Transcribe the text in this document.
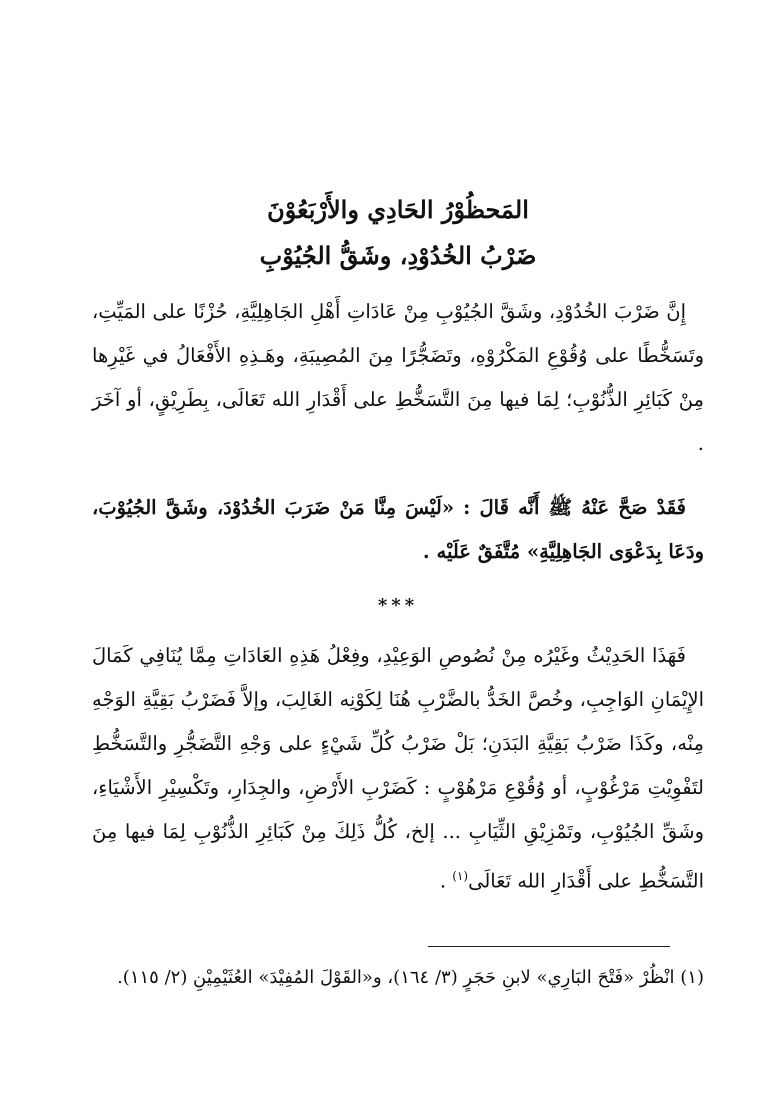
المَحظُوْرُ الحَادِي والأَرْبَعُوْنَ
ضَرْبُ الخُدُوْدِ، وشَقُّ الجُيُوْبِ

إِنَّ ضَرْبَ الخُدُوْدِ، وشَقَّ الجُيُوْبِ مِنْ عَادَاتِ أَهْلِ الجَاهِلِيَّةِ، حُزْنًا على المَيِّتِ، وتَسَخُّطًا على وُقُوْعِ المَكْرُوْهِ، وتَضَجُّرًا مِنَ المُصِيبَةِ، وهَـذِهِ الأَفْعَالُ في غَيْرِها مِنْ كَبَائِرِ الذُّنُوْبِ؛ لِمَا فيها مِنَ التَّسَخُّطِ على أَقْدَارِ الله تَعَالَى، بِطَرِيْقٍ، أو آخَرَ .

فَقَدْ صَحَّ عَنْهُ ﷺ أَنَّه قَالَ : «لَيْسَ مِنَّا مَنْ ضَرَبَ الخُدُوْدَ، وشَقَّ الجُيُوْبَ، ودَعَا بِدَعْوَى الجَاهِلِيَّةِ» مُتَّفَقٌ عَلَيْه .

***

فَهَذَا الحَدِيْثُ وغَيْرُه مِنْ نُصُوصِ الوَعِيْدِ، وفِعْلُ هَذِهِ العَادَاتِ مِمَّا يُنَافِي كَمَالَ الإِيْمَانِ الوَاجِبِ، وخُصَّ الخَدُّ بالضَّرْبِ هُنَا لِكَوْنِه الغَالِبَ، وإلاَّ فَضَرْبُ بَقِيَّةِ الوَجْهِ مِنْه، وكَذَا ضَرْبُ بَقِيَّةِ البَدَنِ؛ بَلْ ضَرْبُ كُلِّ شَيْءٍ على وَجْهِ التَّضَجُّرِ والتَّسَخُّطِ لتَفْوِيْتِ مَرْغُوْبٍ، أو وُقُوْعِ مَرْهُوْبٍ : كَضَرْبِ الأَرْضِ، والجِدَارِ، وتَكْسِيْرِ الأَشْيَاءِ، وشَقِّ الجُيُوْبِ، وتَمْزِيْقِ الثِّيَابِ ... إلخ، كُلُّ ذَلِكَ مِنْ كَبَائِرِ الذُّنُوْبِ لِمَا فيها مِنَ التَّسَخُّطِ على أَقْدَارِ الله تَعَالَى$^{(١)}$ .

(١) انْظُرْ «فَتْحَ البَارِي» لابنِ حَجَرٍ (٣/ ١٦٤)، و«القَوْلَ المُفِيْدَ» العُثَيْمِيْنِ (٢/ ١١٥).
